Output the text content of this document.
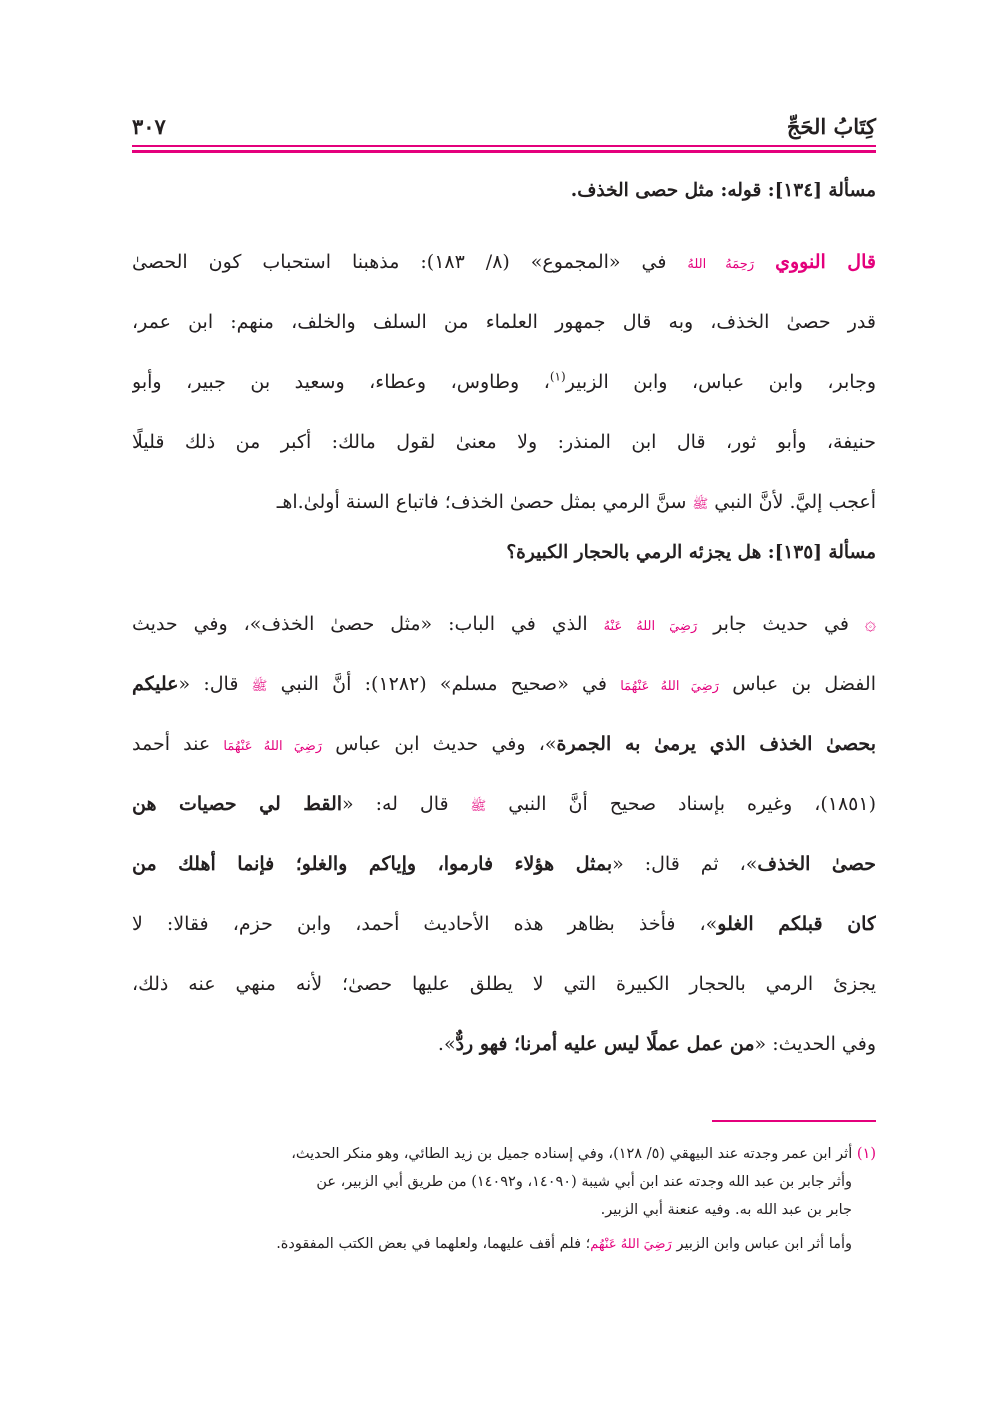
كِتَابُ الحَجِّ
٣٠٧

مسألة [١٣٤]: قوله: مثل حصى الخذف.

قال النووي رَحِمَهُ اللهُ في «المجموع» (٨/ ١٨٣): مذهبنا استحباب كون الحصىٰ
قدر حصىٰ الخذف، وبه قال جمهور العلماء من السلف والخلف، منهم: ابن عمر،
وجابر، وابن عباس، وابن الزبير$^{(١)}$، وطاوس، وعطاء، وسعيد بن جبير، وأبو
حنيفة، وأبو ثور، قال ابن المنذر: ولا معنىٰ لقول مالك: أكبر من ذلك قليلًا
أعجب إليَّ. لأنَّ النبي ﷺ سنَّ الرمي بمثل حصىٰ الخذف؛ فاتباع السنة أولىٰ.اهـ

مسألة [١٣٥]: هل يجزئه الرمي بالحجار الكبيرة؟

۞ في حديث جابر رَضِيَ اللهُ عَنْهُ الذي في الباب: «مثل حصىٰ الخذف»، وفي حديث
الفضل بن عباس رَضِيَ اللهُ عَنْهُمَا في «صحيح مسلم» (١٢٨٢): أنَّ النبي ﷺ قال: «عليكم
بحصىٰ الخذف الذي يرمىٰ به الجمرة»، وفي حديث ابن عباس رَضِيَ اللهُ عَنْهُمَا عند أحمد
(١٨٥١)، وغيره بإسناد صحيح أنَّ النبي ﷺ قال له: «القط لي حصيات هن
حصىٰ الخذف»، ثم قال: «بمثل هؤلاء فارموا، وإياكم والغلو؛ فإنما أهلك من
كان قبلكم الغلو»، فأخذ بظاهر هذه الأحاديث أحمد، وابن حزم، فقالا: لا
يجزئ الرمي بالحجار الكبيرة التي لا يطلق عليها حصىٰ؛ لأنه منهي عنه ذلك،
وفي الحديث: «من عمل عملًا ليس عليه أمرنا؛ فهو ردٌّ».
(١) أثر ابن عمر وجدته عند البيهقي (٥/ ١٢٨)، وفي إسناده جميل بن زيد الطائي، وهو منكر الحديث،
وأثر جابر بن عبد الله وجدته عند ابن أبي شيبة (١٤٠٩٠، و١٤٠٩٢) من طريق أبي الزبير، عن
جابر بن عبد الله به. وفيه عنعنة أبي الزبير.
وأما أثر ابن عباس وابن الزبير رَضِيَ اللهُ عَنْهُم؛ فلم أقف عليهما، ولعلهما في بعض الكتب المفقودة.
